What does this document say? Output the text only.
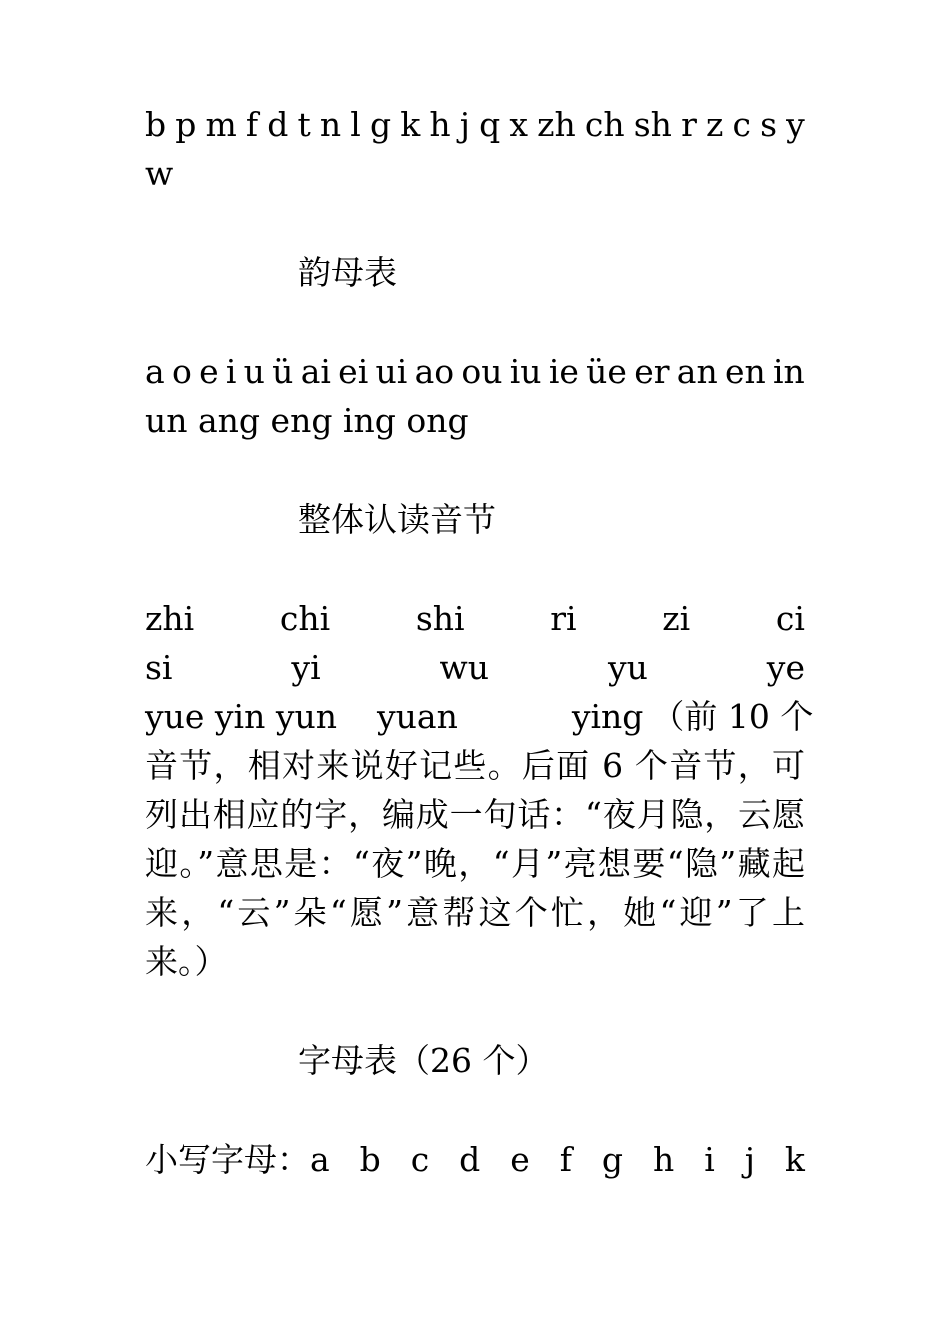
b p m f d t n l g k h j q x zh ch sh r z c s y
w
韵母表
a o e i u ü ai ei ui ao ou iu ie üe er an en in
un ang eng ing ong
整体认读音节
zhi	chi	shi	ri	zi	ci
si	yi	wu	yu	ye
yue yin yun yuan	ying （前 10 个
音节，相对来说好记些。后面 6 个音节，可列出相应的字，编成一句话：“夜月隐，云愿迎。”意思是：“夜”晚，“月”亮想要“隐”藏起来，“云”朵“愿”意帮这个忙，她“迎”了上来。）
字母表（26 个）
小写字母： a b c d e f g h i j k
